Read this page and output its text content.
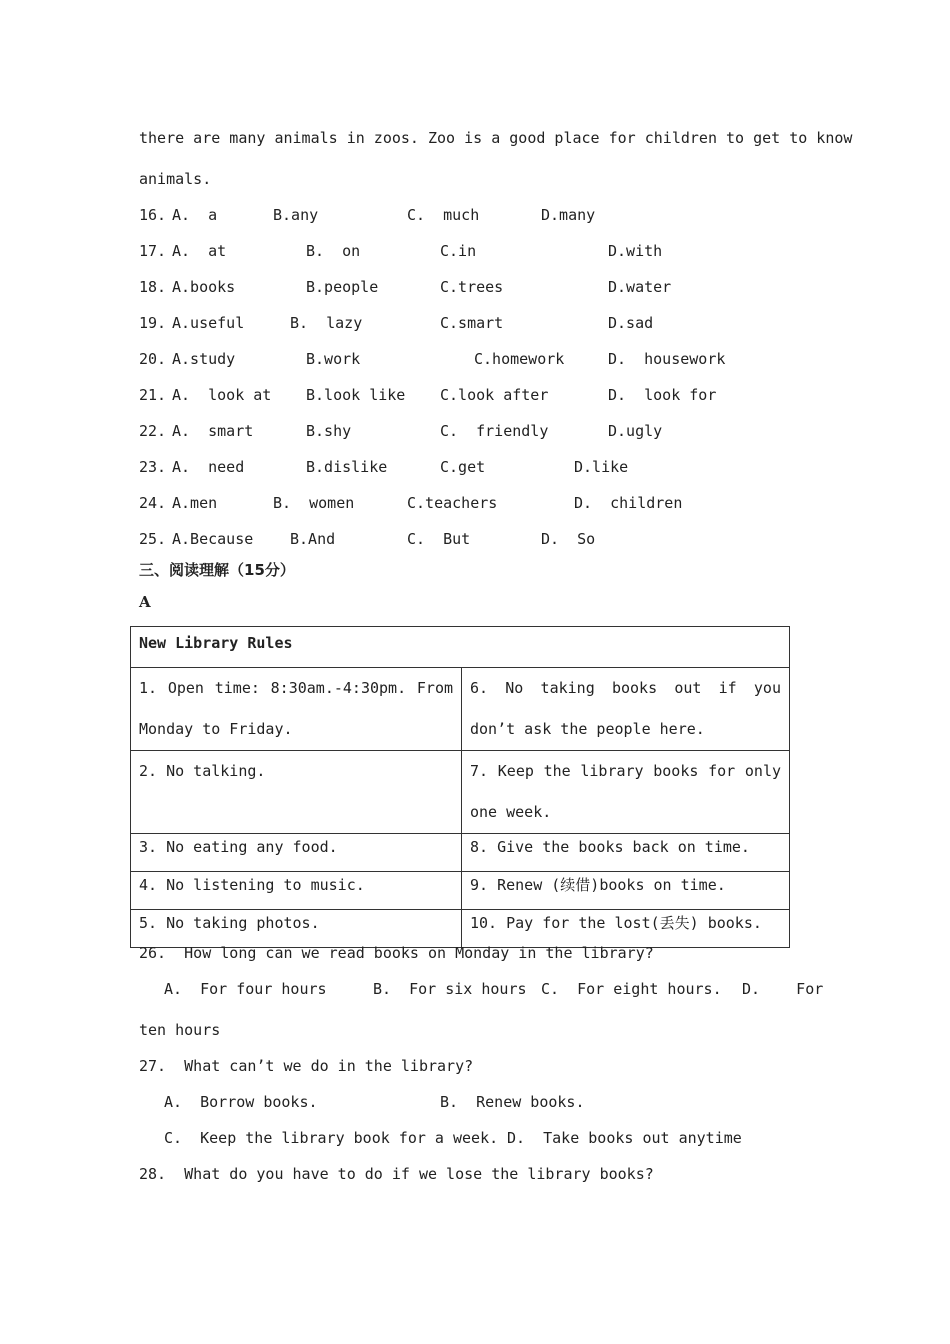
there are many animals in zoos. Zoo is a good place for children to get to know
animals.
16. A.  a	B.any	C.  much	D.many
17. A.  at	B.  on	C.in	D.with
18. A.books	B.people	C.trees	D.water
19. A.useful	B.  lazy	C.smart	D.sad
20. A.study	B.work	C.homework	D.  housework
21. A.  look at B.look like C.look after	D.  look for
22. A.  smart	B.shy	C.  friendly	D.ugly
23. A.  need	B.dislike	C.get	D.like
24. A.men	B.  women	C.teachers	D.  children
25. A.Because B.And	C.  But	D.  So
三、阅读理解（15分）
A
New Library Rules	

1. Open time: 8:30am.-4:30pm. From Monday to Friday.	6. No taking books out if you don’t ask the people here.

2. No talking.	7. Keep the library books for only one week.

3. No eating any food.	8. Give the books back on time.

4. No listening to music.	9. Renew (续借)books on time.

5. No taking photos.	10. Pay for the lost(丢失) books.
26.  How long can we read books on Monday in the library?
A.  For four hours	B.  For six hours C.  For eight hours. D.    For
ten hours
27.  What can’t we do in the library?
A.  Borrow books.	B.  Renew books.
C.  Keep the library book for a week. D.  Take books out anytime
28.  What do you have to do if we lose the library books?
